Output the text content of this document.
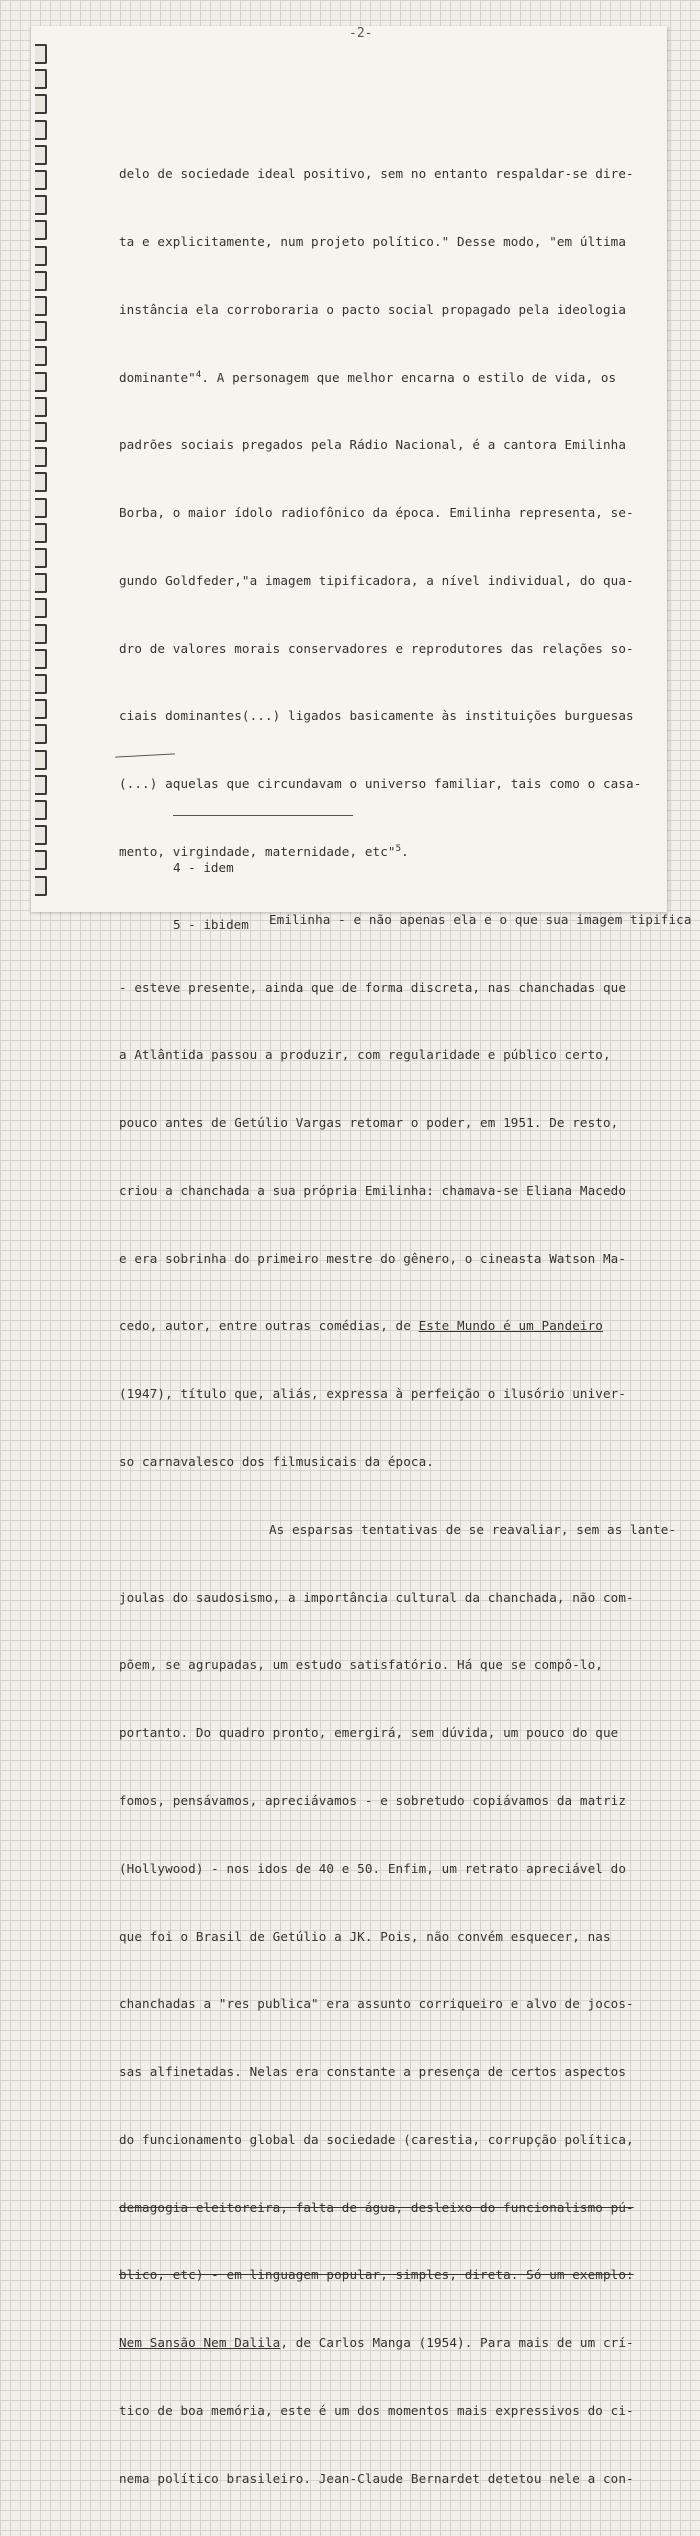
-2-

delo de sociedade ideal positivo, sem no entanto respaldar-se dire-

ta e explicitamente, num projeto político." Desse modo, "em última

instância ela corroboraria o pacto social propagado pela ideologia

dominante"$^4$. A personagem que melhor encarna o estilo de vida, os

padrões sociais pregados pela Rádio Nacional, é a cantora Emilinha

Borba, o maior ídolo radiofônico da época. Emilinha representa, se-

gundo Goldfeder,"a imagem tipificadora, a nível individual, do qua-

dro de valores morais conservadores e reprodutores das relações so-

ciais dominantes(...) ligados basicamente às instituições burguesas

(...) aquelas que circundavam o universo familiar, tais como o casa-

mento, virgindade, maternidade, etc"$^5$.

Emilinha - e não apenas ela e o que sua imagem tipifica

- esteve presente, ainda que de forma discreta, nas chanchadas que

a Atlântida passou a produzir, com regularidade e público certo,

pouco antes de Getúlio Vargas retomar o poder, em 1951. De resto,

criou a chanchada a sua própria Emilinha: chamava-se Eliana Macedo

e era sobrinha do primeiro mestre do gênero, o cineasta Watson Ma-

cedo, autor, entre outras comédias, de Este Mundo é um Pandeiro

(1947), título que, aliás, expressa à perfeição o ilusório univer-

so carnavalesco dos filmusicais da época.

As esparsas tentativas de se reavaliar, sem as lante-

joulas do saudosismo, a importância cultural da chanchada, não com-

põem, se agrupadas, um estudo satisfatório. Há que se compô-lo,

portanto. Do quadro pronto, emergirá, sem dúvida, um pouco do que

fomos, pensávamos, apreciávamos - e sobretudo copiávamos da matriz

(Hollywood) - nos idos de 40 e 50. Enfim, um retrato apreciável do

que foi o Brasil de Getúlio a JK. Pois, não convém esquecer, nas

chanchadas a "res publica" era assunto corriqueiro e alvo de jocos-

sas alfinetadas. Nelas era constante a presença de certos aspectos

do funcionamento global da sociedade (carestia, corrupção política,

demagogia eleitoreira, falta de água, desleixo do funcionalismo pú-

blico, etc) - em linguagem popular, simples, direta. Só um exemplo:

Nem Sansão Nem Dalila, de Carlos Manga (1954). Para mais de um crí-

tico de boa memória, este é um dos momentos mais expressivos do ci-

nema político brasileiro. Jean-Claude Bernardet detetou nele a con-

4 - idem

5 - ibidem
